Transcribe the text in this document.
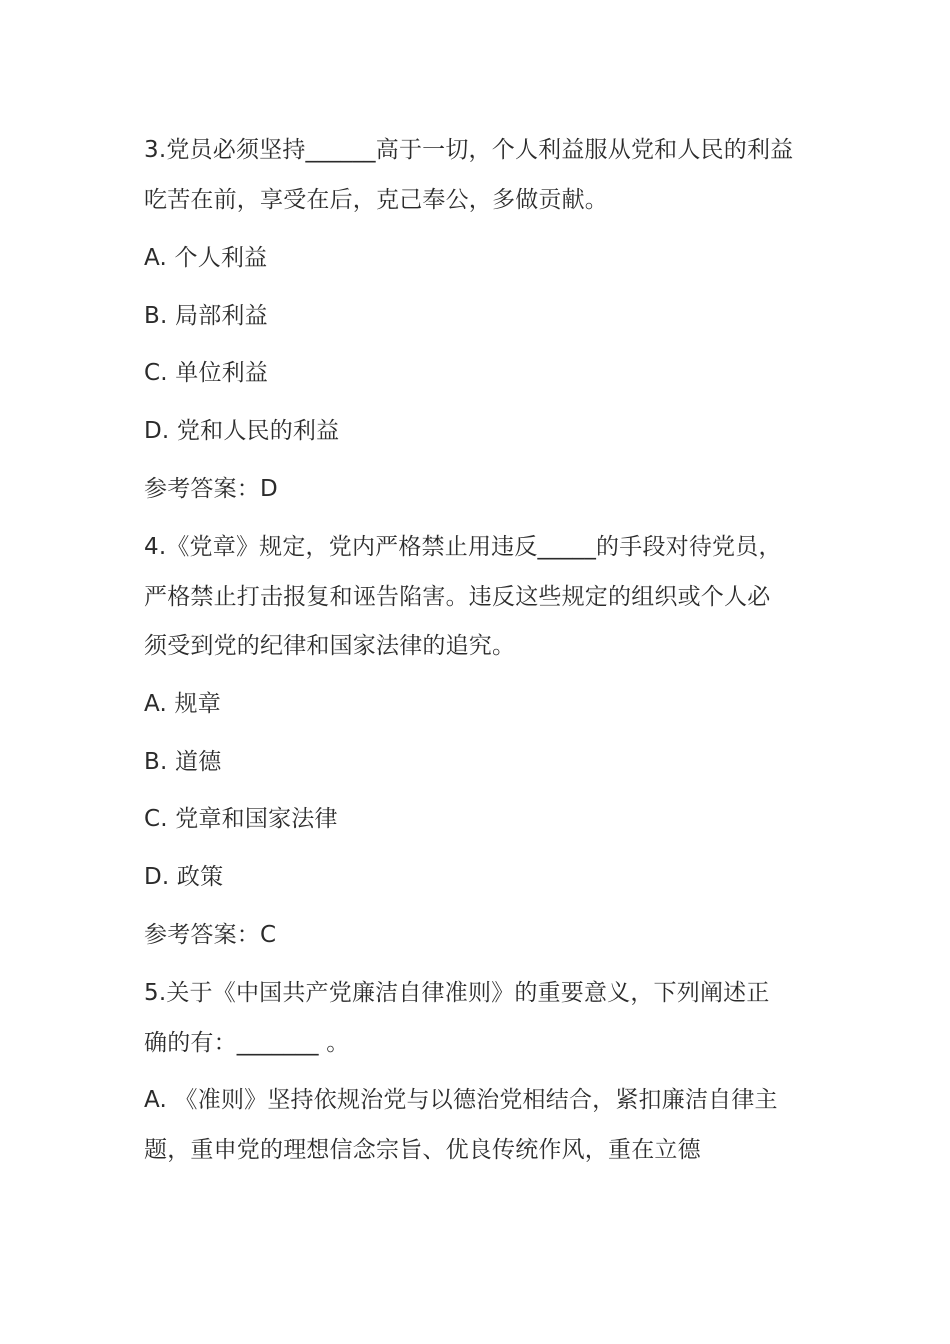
3.党员必须坚持______高于一切，个人利益服从党和人民的利益
吃苦在前，享受在后，克己奉公，多做贡献。
A. 个人利益
B. 局部利益
C. 单位利益
D. 党和人民的利益
参考答案：D
4.《党章》规定，党内严格禁止用违反_____的手段对待党员，
严格禁止打击报复和诬告陷害。违反这些规定的组织或个人必
须受到党的纪律和国家法律的追究。
A. 规章
B. 道德
C. 党章和国家法律
D. 政策
参考答案：C
5.关于《中国共产党廉洁自律准则》的重要意义，下列阐述正
确的有：_______ 。
A. 《准则》坚持依规治党与以德治党相结合，紧扣廉洁自律主
题，重申党的理想信念宗旨、优良传统作风，重在立德
